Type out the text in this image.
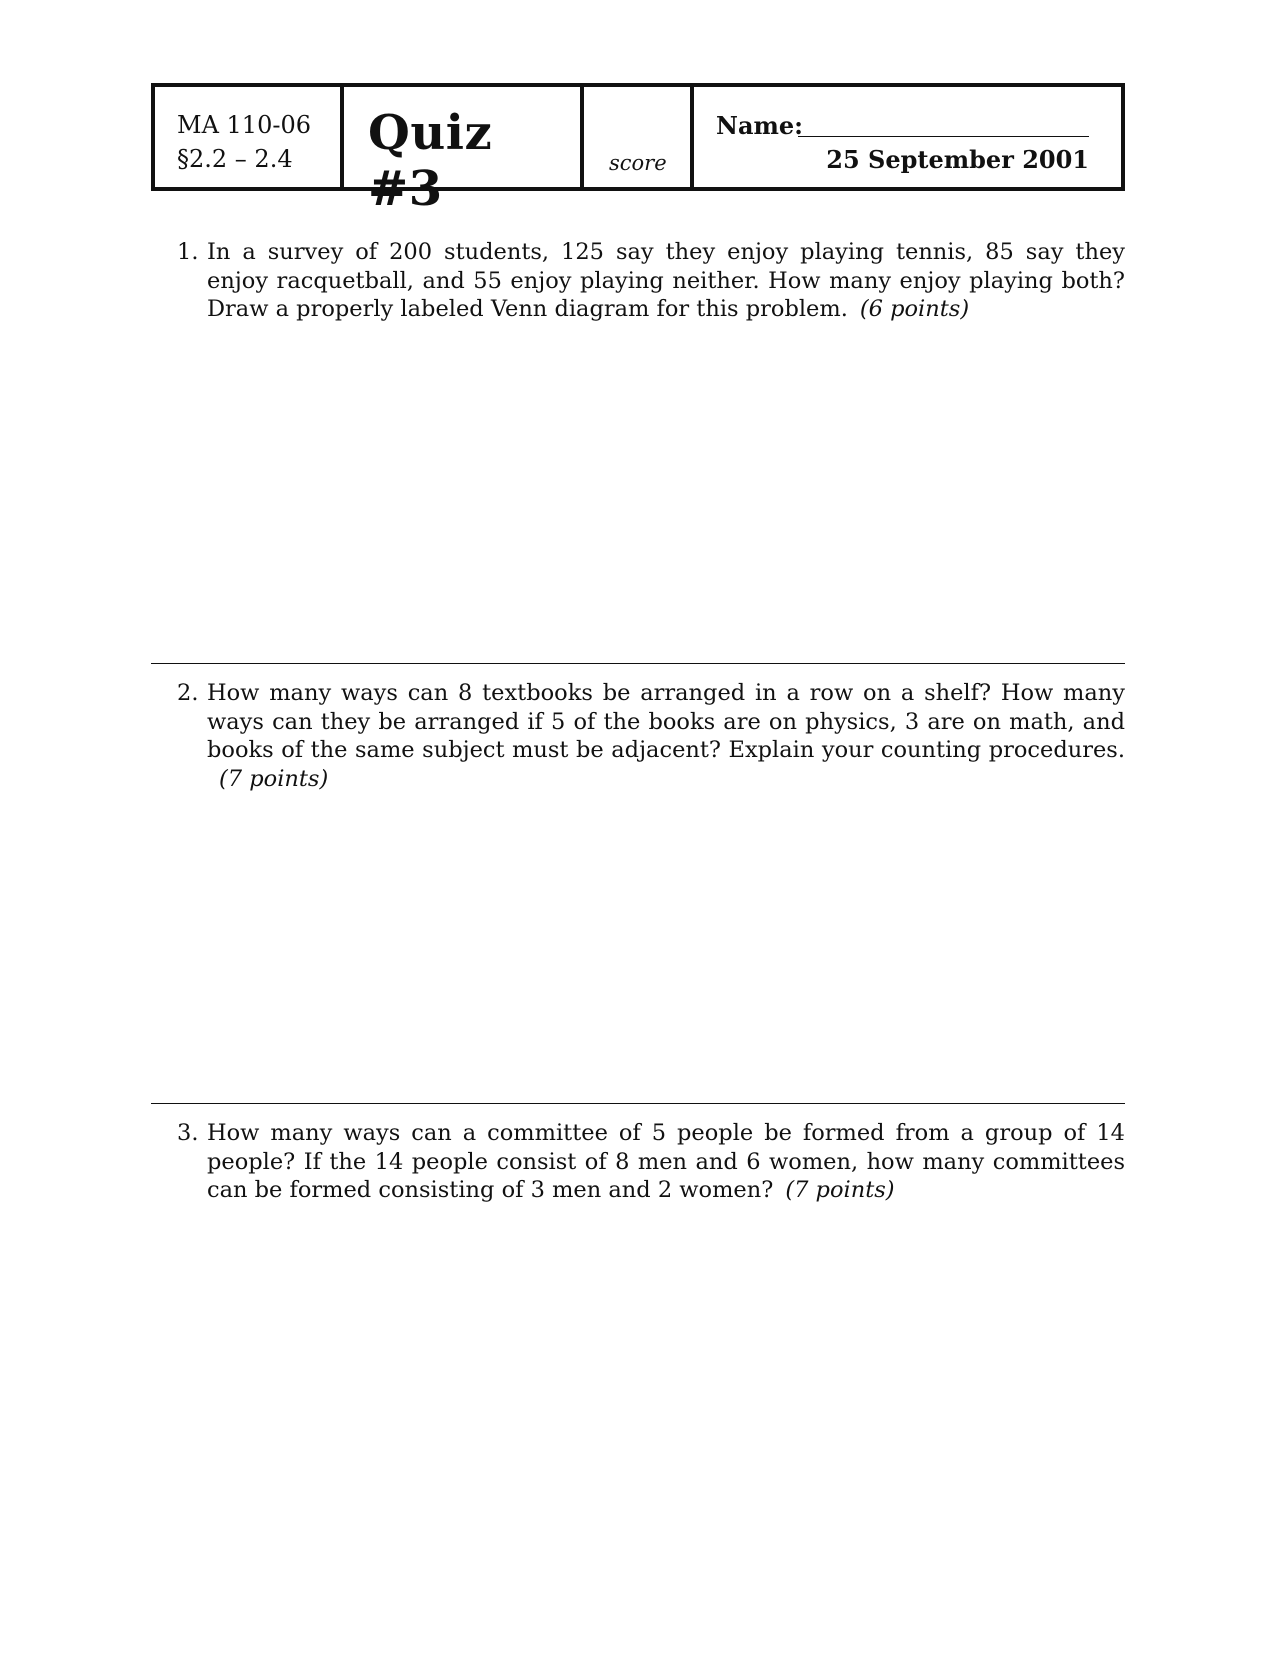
MA 110-06
§2.2 – 2.4 Quiz #3	score
Name:
25 September 2001
1. In a survey of 200 students, 125 say they enjoy playing tennis, 85 say they enjoy racquetball, and 55 enjoy playing neither. How many enjoy playing both? Draw a properly labeled Venn diagram for this problem. (6 points)
2. How many ways can 8 textbooks be arranged in a row on a shelf? How many ways can they be arranged if 5 of the books are on physics, 3 are on math, and books of the same subject must be adjacent? Explain your counting procedures.(7 points)
3. How many ways can a committee of 5 people be formed from a group of 14 people? If the 14 people consist of 8 men and 6 women, how many committees can be formed consisting of 3 men and 2 women? (7 points)
